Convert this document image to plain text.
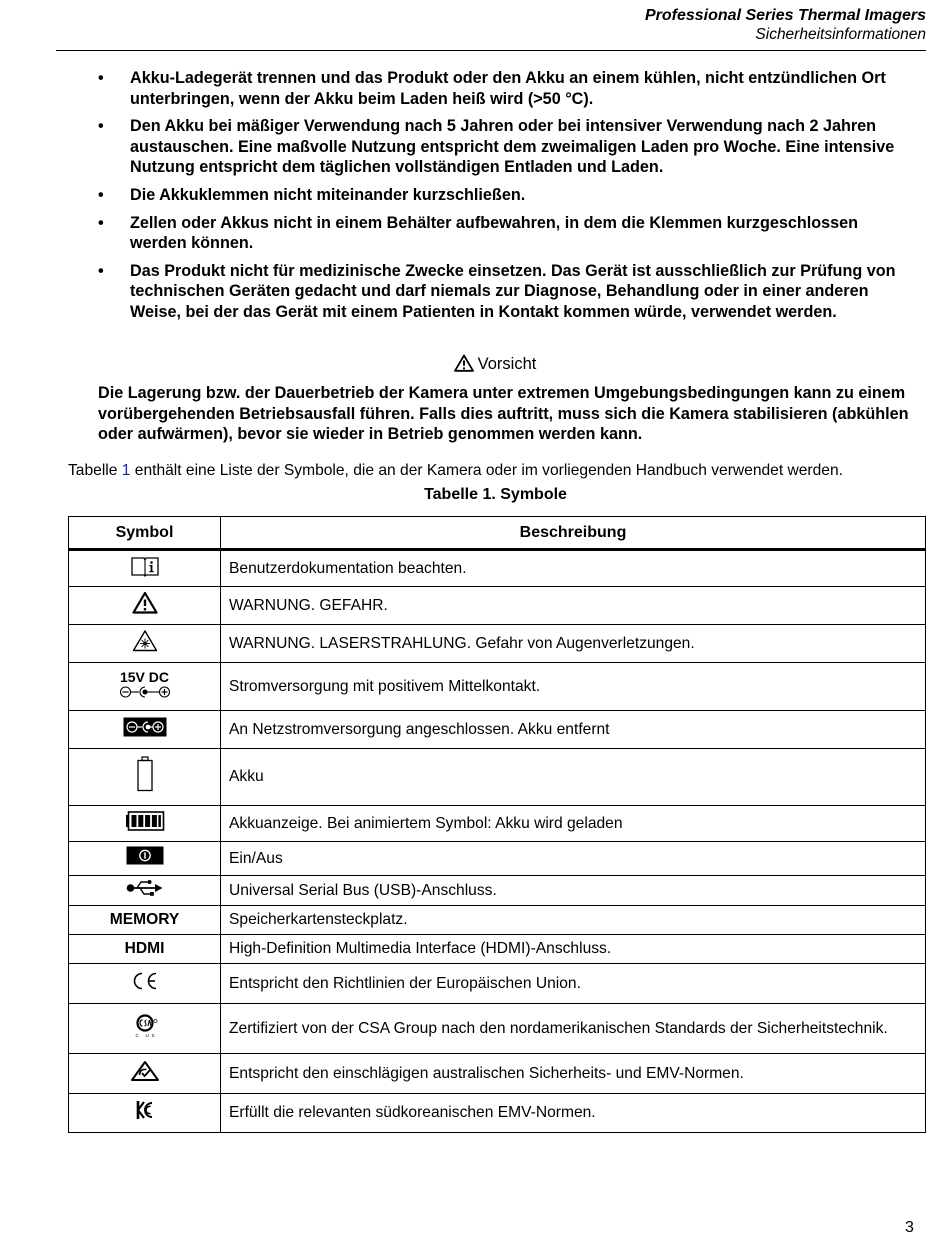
Professional Series Thermal Imagers
Sicherheitsinformationen
• Akku-Ladegerät trennen und das Produkt oder den Akku an einem kühlen, nicht entzündlichen Ort unterbringen, wenn der Akku beim Laden heiß wird (>50 °C).
• Den Akku bei mäßiger Verwendung nach 5 Jahren oder bei intensiver Verwendung nach 2 Jahren austauschen. Eine maßvolle Nutzung entspricht dem zweimaligen Laden pro Woche. Eine intensive Nutzung entspricht dem täglichen vollständigen Entladen und Laden.
• Die Akkuklemmen nicht miteinander kurzschließen.
• Zellen oder Akkus nicht in einem Behälter aufbewahren, in dem die Klemmen kurzgeschlossen werden können.
• Das Produkt nicht für medizinische Zwecke einsetzen. Das Gerät ist ausschließlich zur Prüfung von technischen Geräten gedacht und darf niemals zur Diagnose, Behandlung oder in einer anderen Weise, bei der das Gerät mit einem Patienten in Kontakt kommen würde, verwendet werden.
Vorsicht
Die Lagerung bzw. der Dauerbetrieb der Kamera unter extremen Umgebungsbedingungen kann zu einem vorübergehenden Betriebsausfall führen. Falls dies auftritt, muss sich die Kamera stabilisieren (abkühlen oder aufwärmen), bevor sie wieder in Betrieb genommen werden kann.
Tabelle 1 enthält eine Liste der Symbole, die an der Kamera oder im vorliegenden Handbuch verwendet werden.
Tabelle 1. Symbole
Symbol	Beschreibung
	Benutzerdokumentation beachten.
	WARNUNG. GEFAHR.
	WARNUNG. LASERSTRAHLUNG. Gefahr von Augenverletzungen.

15V DC	Stromversorgung mit positivem Mittelkontakt.
	An Netzstromversorgung angeschlossen. Akku entfernt
	Akku
	Akkuanzeige. Bei animiertem Symbol: Akku wird geladen
	Ein/Aus
	Universal Serial Bus (USB)-Anschluss.
MEMORY	Speicherkartensteckplatz.
HDMI	High-Definition Multimedia Interface (HDMI)-Anschluss.
	Entspricht den Richtlinien der Europäischen Union.

C US	Zertifiziert von der CSA Group nach den nordamerikanischen Standards der Sicherheitstechnik.
	Entspricht den einschlägigen australischen Sicherheits- und EMV-Normen.
	Erfüllt die relevanten südkoreanischen EMV-Normen.
3
